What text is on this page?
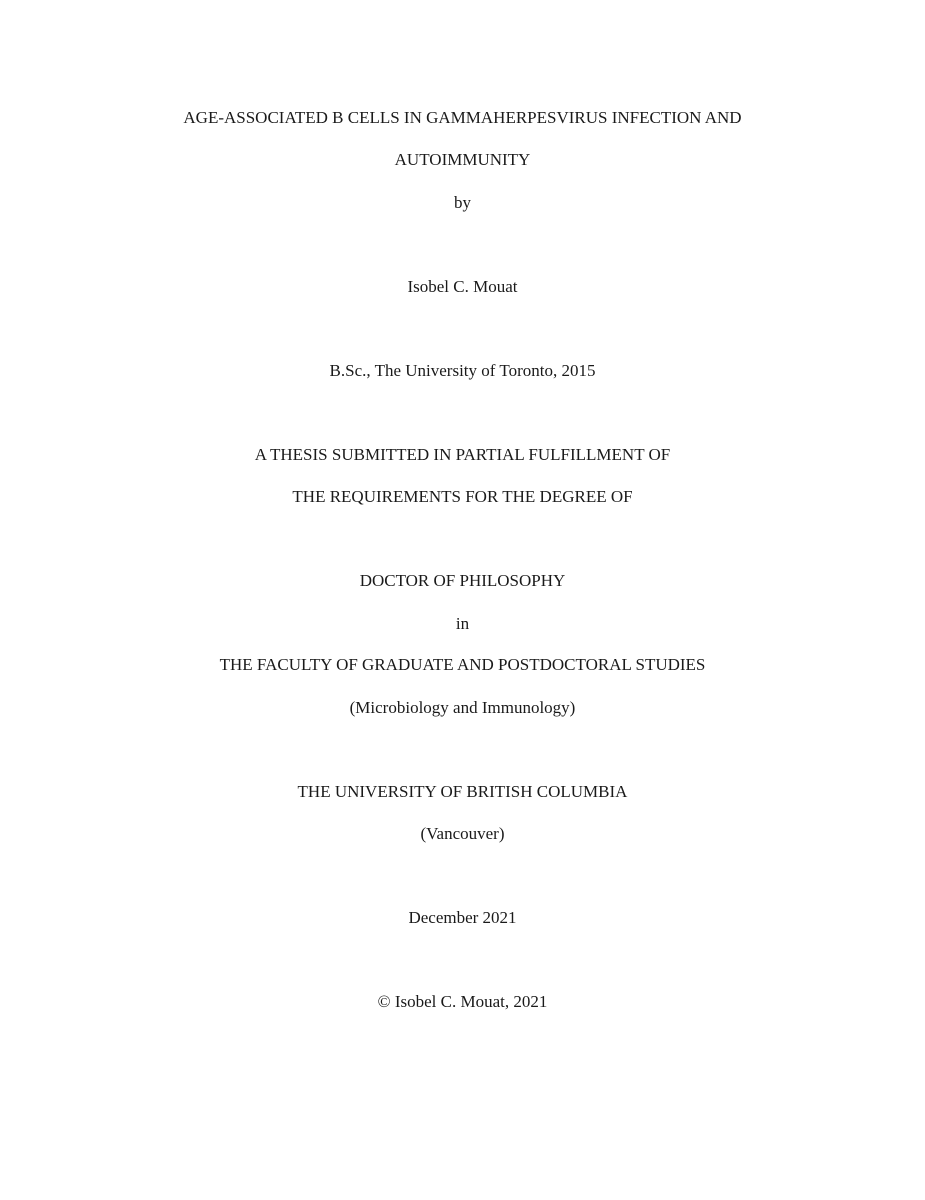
AGE-ASSOCIATED B CELLS IN GAMMAHERPESVIRUS INFECTION AND
AUTOIMMUNITY
by
Isobel C. Mouat
B.Sc., The University of Toronto, 2015
A THESIS SUBMITTED IN PARTIAL FULFILLMENT OF
THE REQUIREMENTS FOR THE DEGREE OF
DOCTOR OF PHILOSOPHY
in
THE FACULTY OF GRADUATE AND POSTDOCTORAL STUDIES
(Microbiology and Immunology)
THE UNIVERSITY OF BRITISH COLUMBIA
(Vancouver)
December 2021
© Isobel C. Mouat, 2021
